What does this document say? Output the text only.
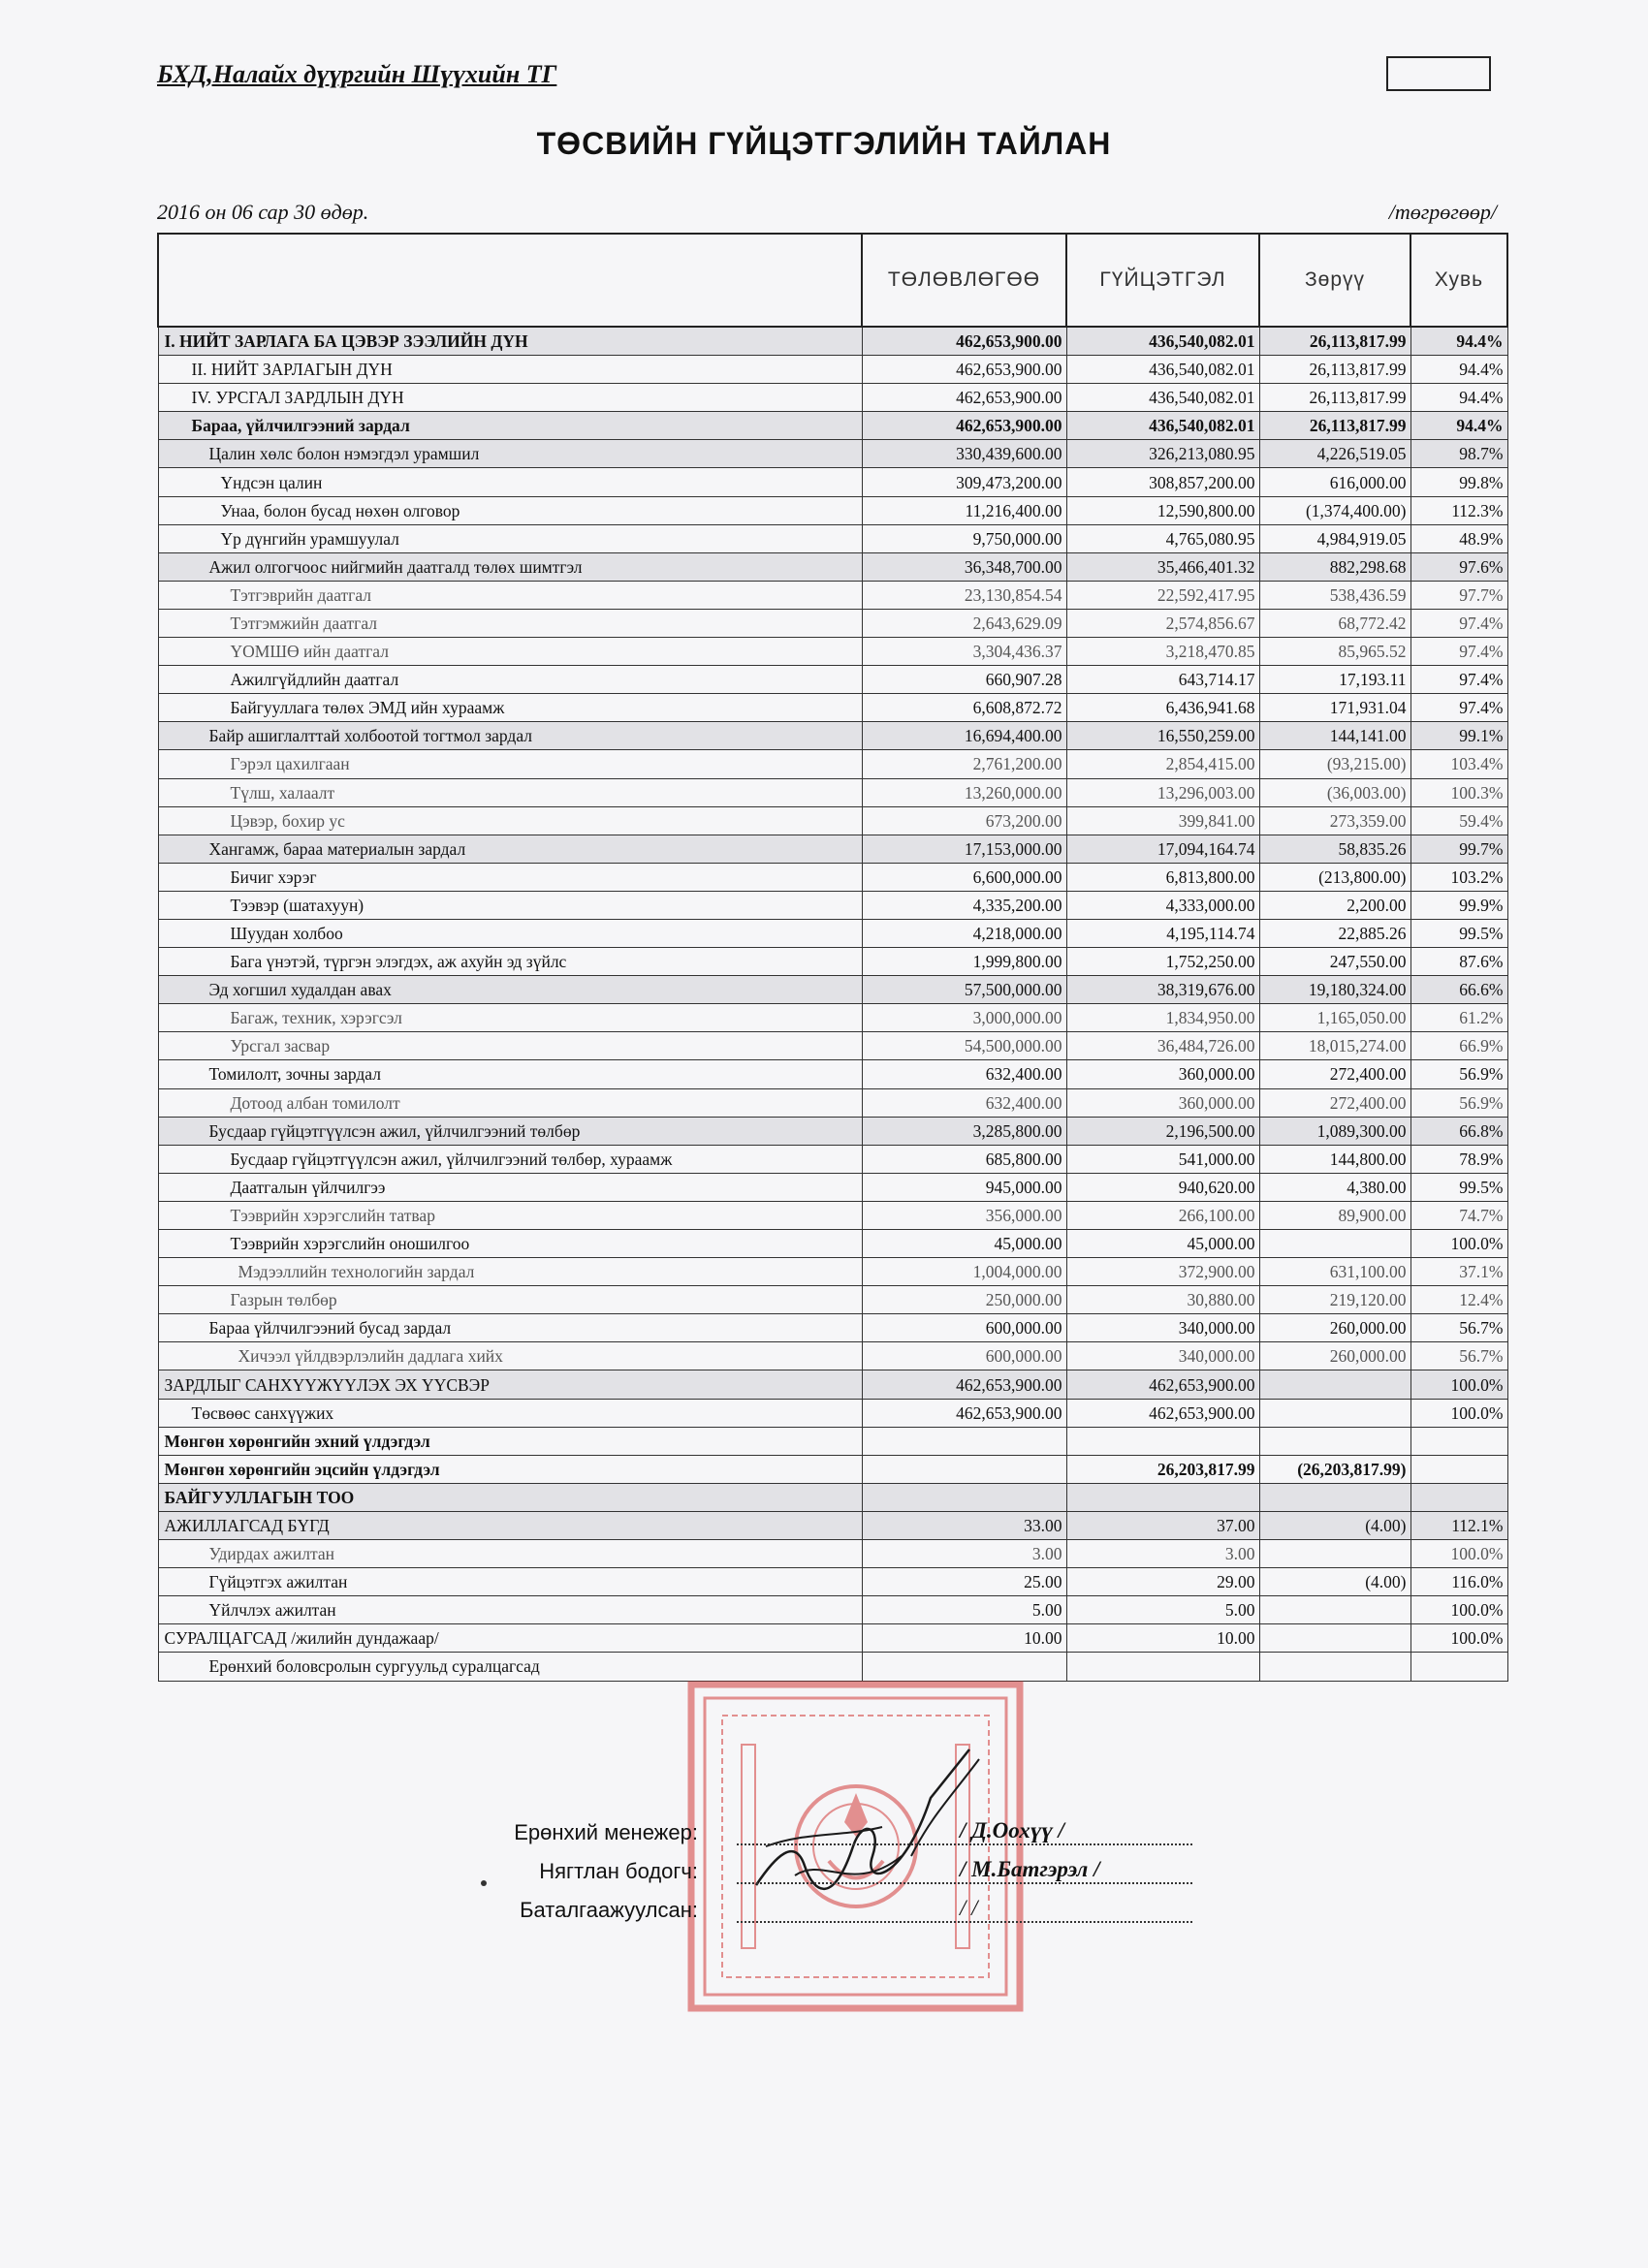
БХД,Налайх дүүргийн Шүүхийн ТГ
ТӨСВИЙН ГҮЙЦЭТГЭЛИЙН ТАЙЛАН
2016 он 06 сар 30 өдөр.	/төгрөгөөр/
	ТӨЛӨВЛӨГӨӨ	ГҮЙЦЭТГЭЛ	Зөрүү	Хувь
I. НИЙТ ЗАРЛАГА БА ЦЭВЭР ЗЭЭЛИЙН ДҮН	462,653,900.00	436,540,082.01	26,113,817.99	94.4%
II. НИЙТ ЗАРЛАГЫН ДҮН	462,653,900.00	436,540,082.01	26,113,817.99	94.4%
IV. УРСГАЛ ЗАРДЛЫН ДҮН	462,653,900.00	436,540,082.01	26,113,817.99	94.4%
Бараа, үйлчилгээний зардал	462,653,900.00	436,540,082.01	26,113,817.99	94.4%
Цалин хөлс болон нэмэгдэл урамшил	330,439,600.00	326,213,080.95	4,226,519.05	98.7%
Үндсэн цалин	309,473,200.00	308,857,200.00	616,000.00	99.8%
Унаа, болон бусад нөхөн олговор	11,216,400.00	12,590,800.00	(1,374,400.00)	112.3%
Үр дүнгийн урамшуулал	9,750,000.00	4,765,080.95	4,984,919.05	48.9%
Ажил олгогчоос нийгмийн даатгалд төлөх шимтгэл	36,348,700.00	35,466,401.32	882,298.68	97.6%
Тэтгэврийн даатгал	23,130,854.54	22,592,417.95	538,436.59	97.7%
Тэтгэмжийн даатгал	2,643,629.09	2,574,856.67	68,772.42	97.4%
ҮОМШӨ ийн даатгал	3,304,436.37	3,218,470.85	85,965.52	97.4%
Ажилгүйдлийн даатгал	660,907.28	643,714.17	17,193.11	97.4%
Байгууллага төлөх ЭМД ийн хураамж	6,608,872.72	6,436,941.68	171,931.04	97.4%
Байр ашиглалттай холбоотой тогтмол зардал	16,694,400.00	16,550,259.00	144,141.00	99.1%
Гэрэл цахилгаан	2,761,200.00	2,854,415.00	(93,215.00)	103.4%
Түлш, халаалт	13,260,000.00	13,296,003.00	(36,003.00)	100.3%
Цэвэр, бохир ус	673,200.00	399,841.00	273,359.00	59.4%
Хангамж, бараа материалын зардал	17,153,000.00	17,094,164.74	58,835.26	99.7%
Бичиг хэрэг	6,600,000.00	6,813,800.00	(213,800.00)	103.2%
Тээвэр (шатахуун)	4,335,200.00	4,333,000.00	2,200.00	99.9%
Шуудан холбоо	4,218,000.00	4,195,114.74	22,885.26	99.5%
Бага үнэтэй, түргэн элэгдэх, аж ахуйн эд зүйлс	1,999,800.00	1,752,250.00	247,550.00	87.6%
Эд хогшил худалдан авах	57,500,000.00	38,319,676.00	19,180,324.00	66.6%
Багаж, техник, хэрэгсэл	3,000,000.00	1,834,950.00	1,165,050.00	61.2%
Урсгал засвар	54,500,000.00	36,484,726.00	18,015,274.00	66.9%
Томилолт, зочны зардал	632,400.00	360,000.00	272,400.00	56.9%
Дотоод албан томилолт	632,400.00	360,000.00	272,400.00	56.9%
Бусдаар гүйцэтгүүлсэн ажил, үйлчилгээний төлбөр	3,285,800.00	2,196,500.00	1,089,300.00	66.8%
Бусдаар гүйцэтгүүлсэн ажил, үйлчилгээний төлбөр, хураамж	685,800.00	541,000.00	144,800.00	78.9%
Даатгалын үйлчилгээ	945,000.00	940,620.00	4,380.00	99.5%
Тээврийн хэрэгслийн татвар	356,000.00	266,100.00	89,900.00	74.7%
Тээврийн хэрэгслийн оношилгоо	45,000.00	45,000.00		100.0%
Мэдээллийн технологийн зардал	1,004,000.00	372,900.00	631,100.00	37.1%
Газрын төлбөр	250,000.00	30,880.00	219,120.00	12.4%
Бараа үйлчилгээний бусад зардал	600,000.00	340,000.00	260,000.00	56.7%
Хичээл үйлдвэрлэлийн дадлага хийх	600,000.00	340,000.00	260,000.00	56.7%
ЗАРДЛЫГ САНХҮҮЖҮҮЛЭХ ЭХ ҮҮСВЭР	462,653,900.00	462,653,900.00		100.0%
Төсвөөс санхүүжих	462,653,900.00	462,653,900.00		100.0%
Мөнгөн хөрөнгийн эхний үлдэгдэл				
Мөнгөн хөрөнгийн эцсийн үлдэгдэл		26,203,817.99	(26,203,817.99)	
БАЙГУУЛЛАГЫН ТОО				
АЖИЛЛАГСАД БҮГД	33.00	37.00	(4.00)	112.1%
Удирдах ажилтан	3.00	3.00		100.0%
Гүйцэтгэх ажилтан	25.00	29.00	(4.00)	116.0%
Үйлчлэх ажилтан	5.00	5.00		100.0%
СУРАЛЦАГСАД /жилийн дундажаар/	10.00	10.00		100.0%
Ерөнхий боловсролын сургуульд суралцагсад				
Ерөнхий менежер:	/ Д.Оохүү /
Нягтлан бодогч:	/ М.Батгэрэл /
Баталгаажуулсан:	/ /
